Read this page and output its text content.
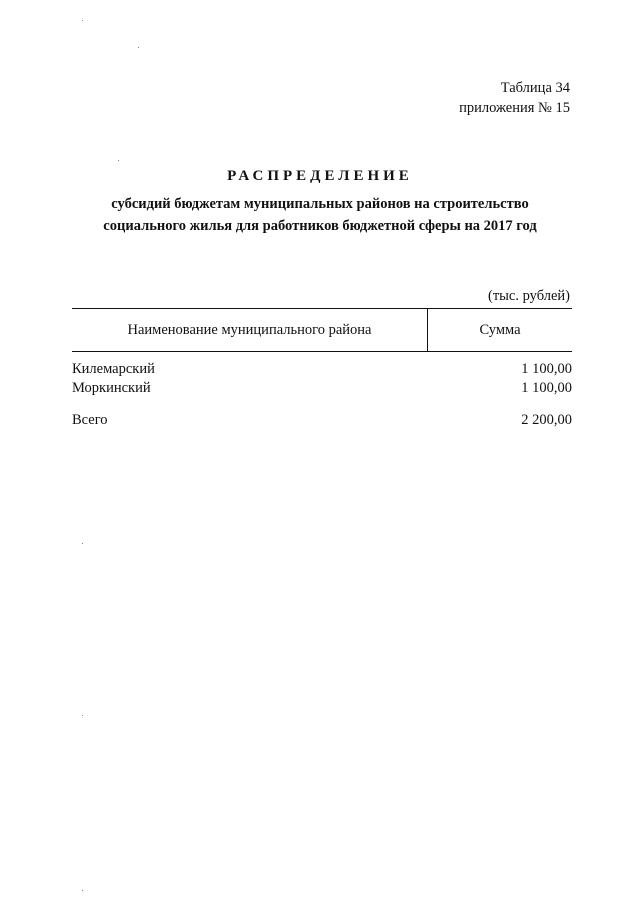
Таблица 34
приложения № 15
РАСПРЕДЕЛЕНИЕ
субсидий бюджетам муниципальных районов на строительство
социального жилья для работников бюджетной сферы на 2017 год
(тыс. рублей)
Наименование муниципального района	Сумма
Килемарский	1 100,00
Моркинский	1 100,00
Всего	2 200,00
